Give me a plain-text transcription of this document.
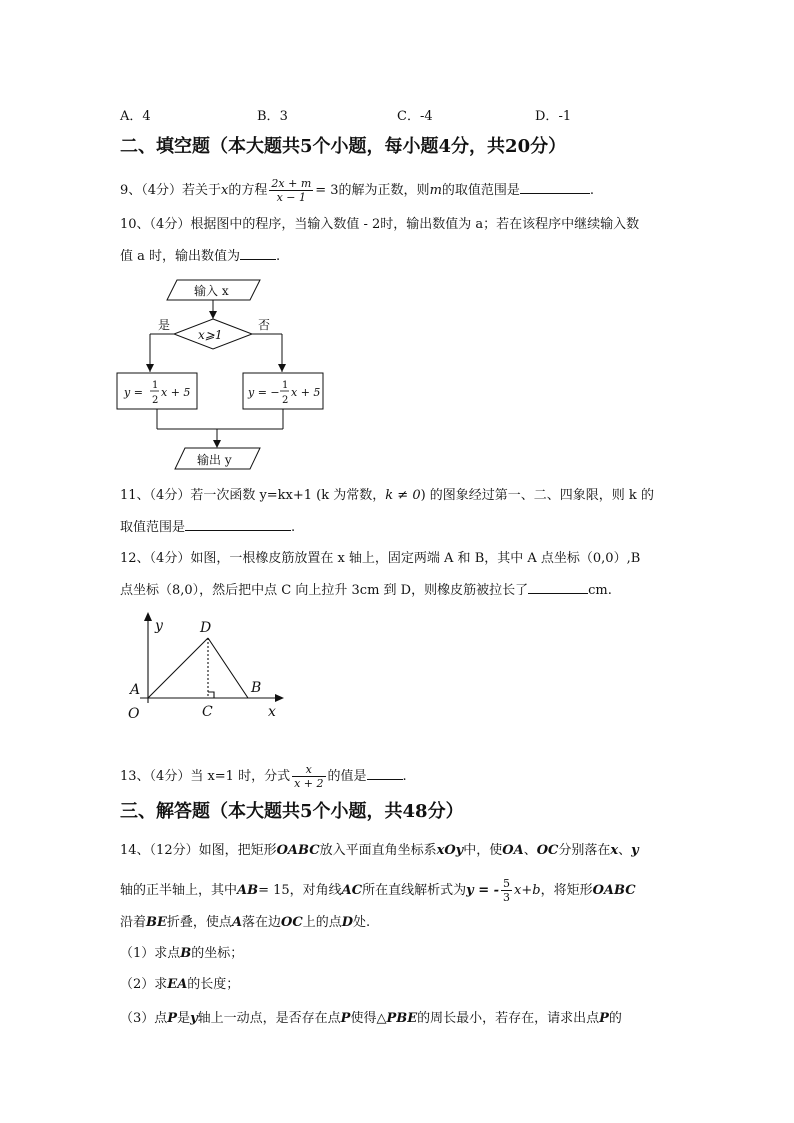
A．4	B．3	C．-4	D．-1
二、填空题（本大题共5个小题，每小题4分，共20分）
9、（4分）若关于x的方程 $\frac{2x + m}{x - 1} = 3$的解为正数，则m的取值范围是	.
10、（4分）根据图中的程序，当输入数值 - 2时，输出数值为 a；若在该程序中继续输入数
值 a 时，输出数值为	.
输入 x
x⩾1
是	否
y =
1
2
x + 5	y = −
1
2
x + 5
输出 y
11、（4分）若一次函数 y=kx+1 (k 为常数，k ≠ 0) 的图象经过第一、二、四象限，则 k 的
取值范围是	.
12、（4分）如图，一根橡皮筋放置在 x 轴上，固定两端 A 和 B，其中 A 点坐标（0,0）,B
点坐标（8,0），然后把中点 C 向上拉升 3cm 到 D，则橡皮筋被拉长了	cm.
y	D
A	B
O	C	x
13、（4分）当 x=1 时，分式 $\frac{x}{x + 2}$ 的值是	.
三、解答题（本大题共5个小题，共48分）
14、（12分）如图，把矩形OABC放入平面直角坐标系xOy中，使OA、OC分别落在x、y
轴的正半轴上，其中AB= 15，对角线AC所在直线解析式为y = - $\frac{5}{3} x+b$，将矩形OABC
沿着BE折叠，使点A落在边OC上的点D处.
（1）求点B的坐标；
（2）求EA的长度；
（3）点P是y轴上一动点，是否存在点P使得△PBE的周长最小，若存在，请求出点P的
